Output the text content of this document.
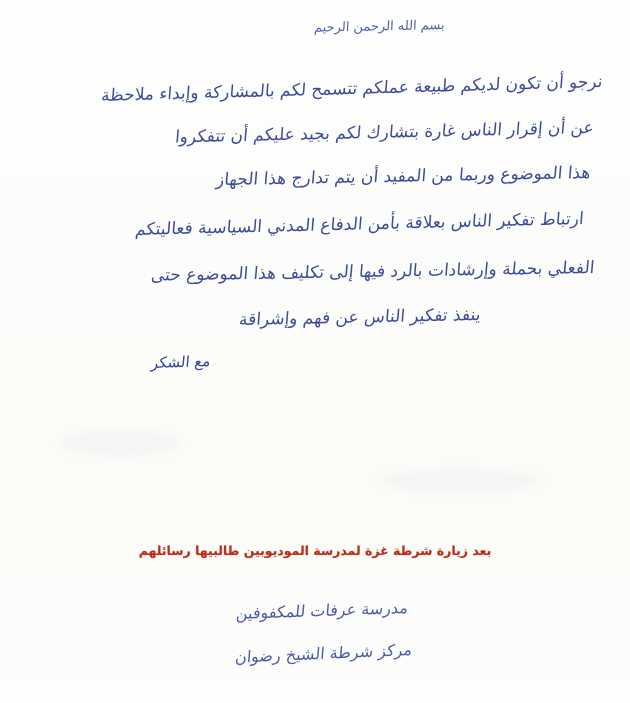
بسم الله الرحمن الرحيم
نرجو أن تكون لديكم طبيعة عملكم تتسمح لكم بالمشاركة وإبداء ملاحظة
عن أن إقرار الناس غارة بتشارك لكم بجيد عليكم أن تتفكروا
هذا الموضوع وربما من المفيد أن يتم تدارج هذا الجهاز
ارتباط تفكير الناس بعلاقة بأمن الدفاع المدني السياسية فعاليتكم
الفعلي بحملة وإرشادات بالرد فيها إلى تكليف هذا الموضوع حتى
ينفذ تفكير الناس عن فهم وإشراقة
مع الشكر
بعد زيارة شرطة غزة لمدرسة الموديوبين طالبيها رسائلهم
مدرسة عرفات للمكفوفين
مركز شرطة الشيخ رضوان
